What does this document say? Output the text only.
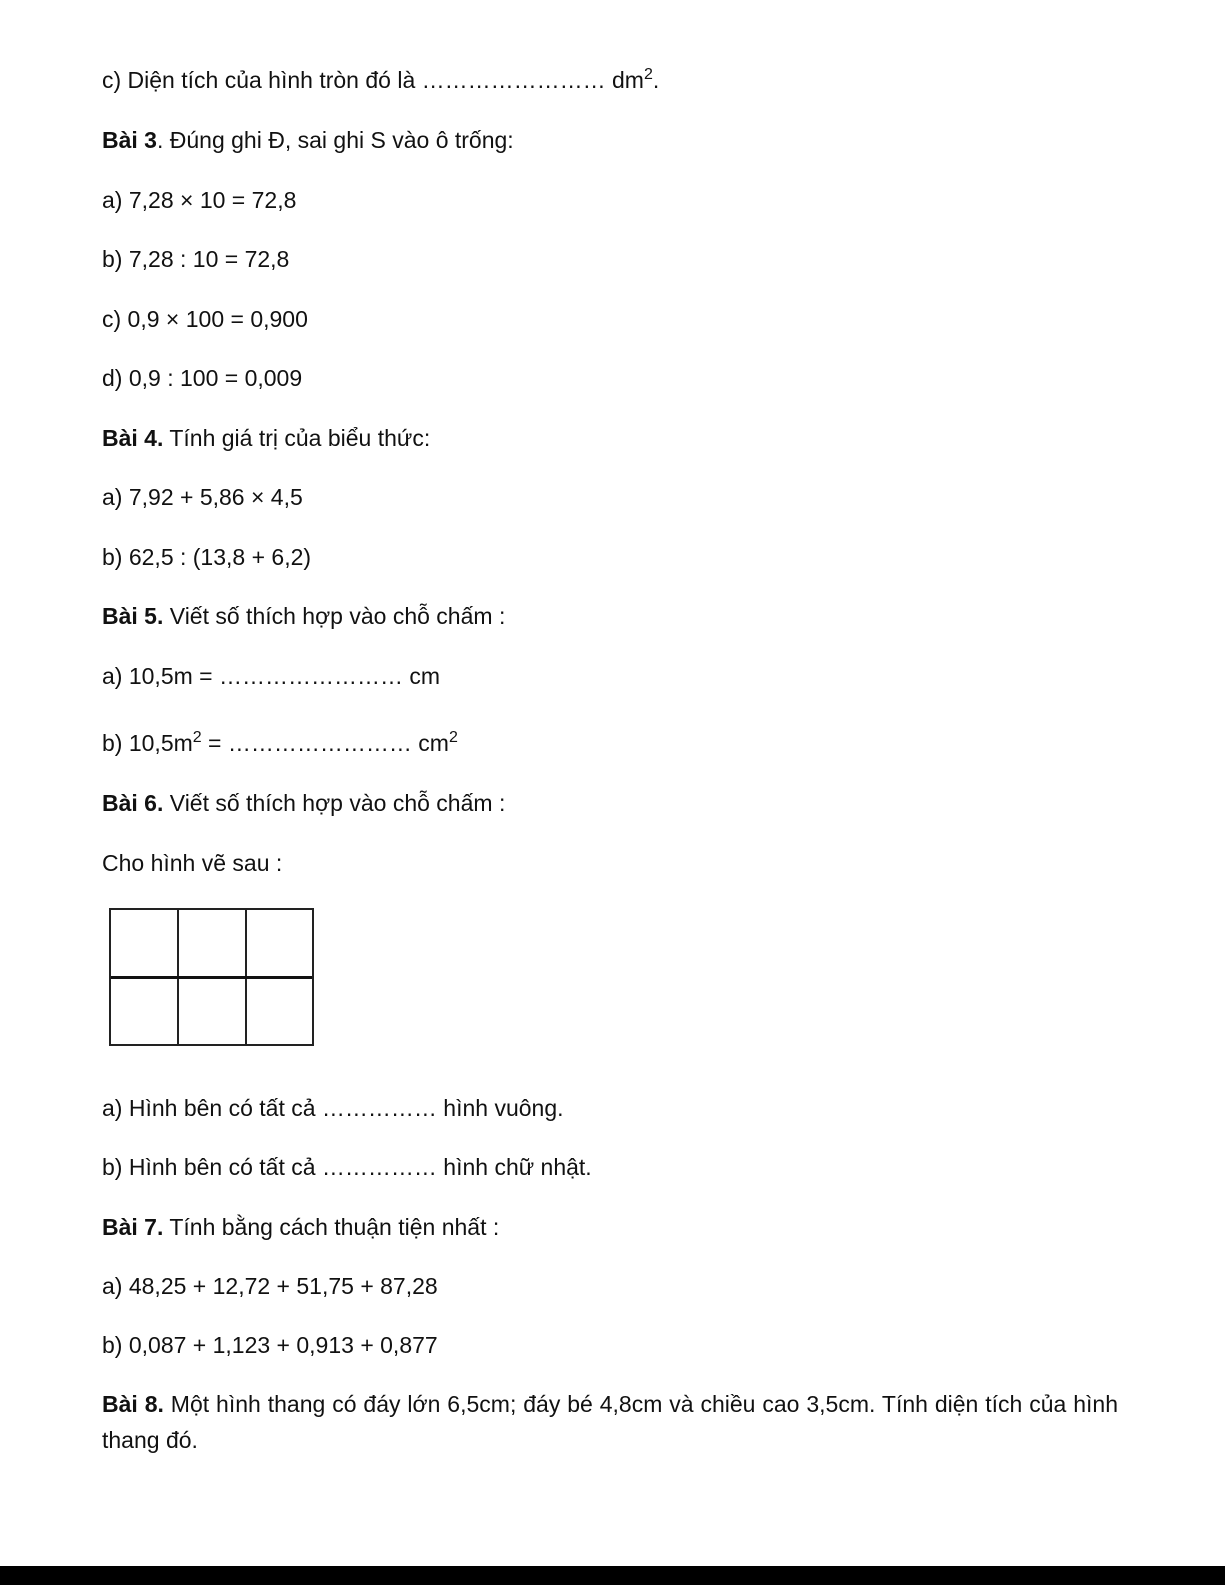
c) Diện tích của hình tròn đó là …………………… $dm^2$.
Bài 3. Đúng ghi Đ, sai ghi S vào ô trống:
a) 7,28 × 10 = 72,8
b) 7,28 : 10 = 72,8
c) 0,9 × 100 = 0,900
d) 0,9 : 100 = 0,009
Bài 4. Tính giá trị của biểu thức:
a) 7,92 + 5,86 × 4,5
b) 62,5 : (13,8 + 6,2)
Bài 5. Viết số thích hợp vào chỗ chấm :
a) 10,5m = …………………… cm
b) $10,5m^2$ = …………………… $cm^2$
Bài 6. Viết số thích hợp vào chỗ chấm :
Cho hình vẽ sau :
a) Hình bên có tất cả …………… hình vuông.
b) Hình bên có tất cả …………… hình chữ nhật.
Bài 7. Tính bằng cách thuận tiện nhất :
a) 48,25 + 12,72 + 51,75 + 87,28
b) 0,087 + 1,123 + 0,913 + 0,877
Bài 8. Một hình thang có đáy lớn 6,5cm; đáy bé 4,8cm và chiều cao 3,5cm. Tính diện tích của hình thang đó.
